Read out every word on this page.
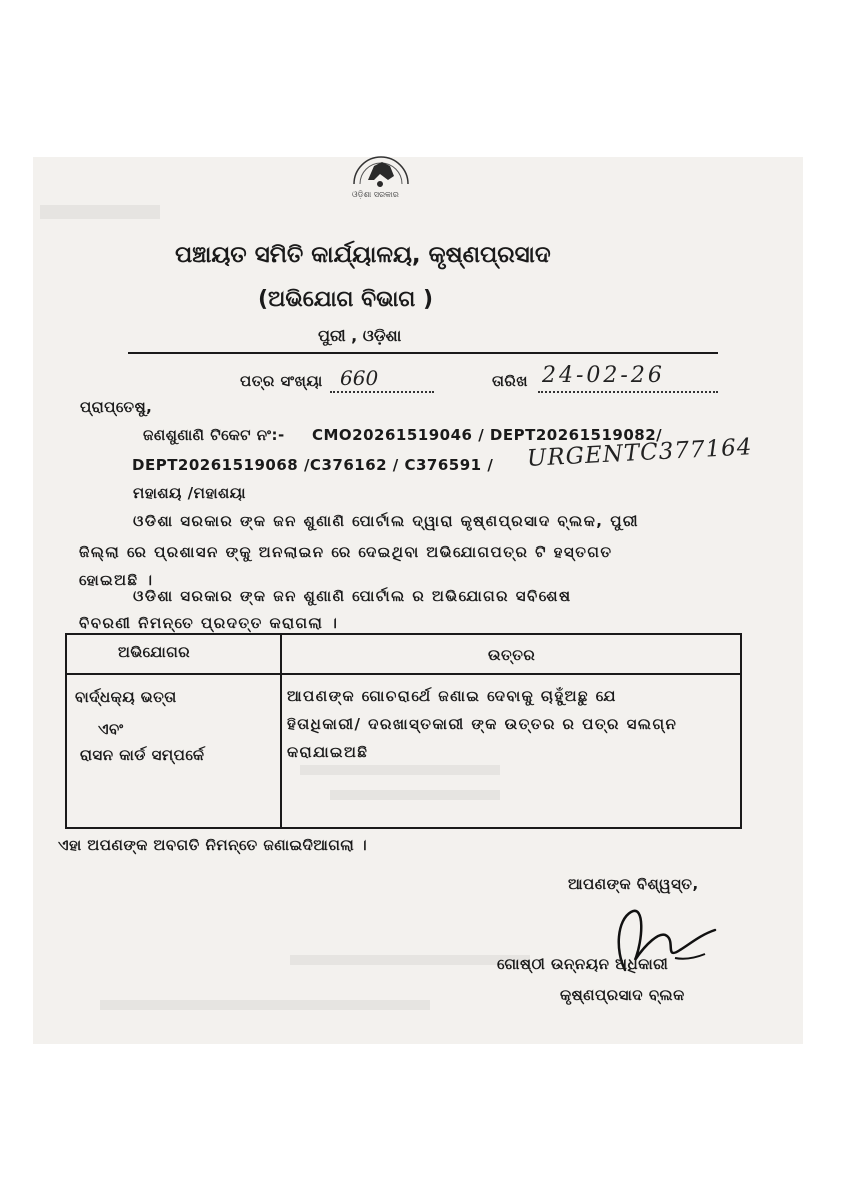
ଓଡ଼ିଶା ସରକାର
ପଞ୍ଚାୟତ ସମିତି କାର୍ଯ୍ୟାଳୟ, କୃଷ୍ଣପ୍ରସାଦ
(ଅଭିଯୋଗ ବିଭାଗ )
ପୁରୀ , ଓଡ଼ିଶା
ପତ୍ର ସଂଖ୍ୟା 660	ତାରିଖ 24-02-26
ପ୍ରାପ୍ତେଷୁ,
ଜଣଶୁଣାଣି ଟିକେଟ ନଂ:- CMO20261519046 / DEPT20261519082/
DEPT20261519068 /C376162 / C376591 / URGENTC377164
ମହାଶୟ /ମହାଶୟା
ଓଡିଶା ସରକାର ଙ୍କ ଜନ ଶୁଣାଣି ପୋର୍ଟାଲ ଦ୍ୱାରା କୃଷ୍ଣପ୍ରସାଦ ବ୍ଲକ, ପୁରୀ
ଜିଲ୍ଲା ରେ ପ୍ରଶାସନ ଙ୍କୁ ଅନଲାଇନ ରେ ଦେଇଥିବା ଅଭିଯୋଗପତ୍ର ଟି ହସ୍ତଗତ
ହୋଇଅଛି ।
ଓଡିଶା ସରକାର ଙ୍କ ଜନ ଶୁଣାଣି ପୋର୍ଟାଲ ର ଅଭିଯୋଗର ସବିଶେଷ
ବିବରଣୀ ନିମନ୍ତେ ପ୍ରଦତ୍ତ କରାଗଲା ।
ଅଭିଯୋଗର	ଉତ୍ତର
ବାର୍ଦ୍ଧକ୍ୟ ଭତ୍ତା
ଏବଂ
ରାସନ କାର୍ଡ ସମ୍ପର୍କେ
ଆପଣଙ୍କ ଗୋଚରାର୍ଥେ ଜଣାଇ ଦେବାକୁ ଚାହୁଁଅଛୁ ଯେ
ହିତାଧିକାରୀ/ ଦରଖାସ୍ତକାରୀ ଙ୍କ ଉତ୍ତର ର ପତ୍ର ସଲଗ୍ନ
କରାଯାଇଅଛି
ଏହା ଅପଣଙ୍କ ଅବଗତି ନିମନ୍ତେ ଜଣାଇଦିଆଗଲା ।
ଆପଣଙ୍କ ବିଶ୍ୱସ୍ତ,
ଗୋଷ୍ଠୀ ଉନ୍ନୟନ ଅଧିକାରୀ
କୃଷ୍ଣପ୍ରସାଦ ବ୍ଲକ
